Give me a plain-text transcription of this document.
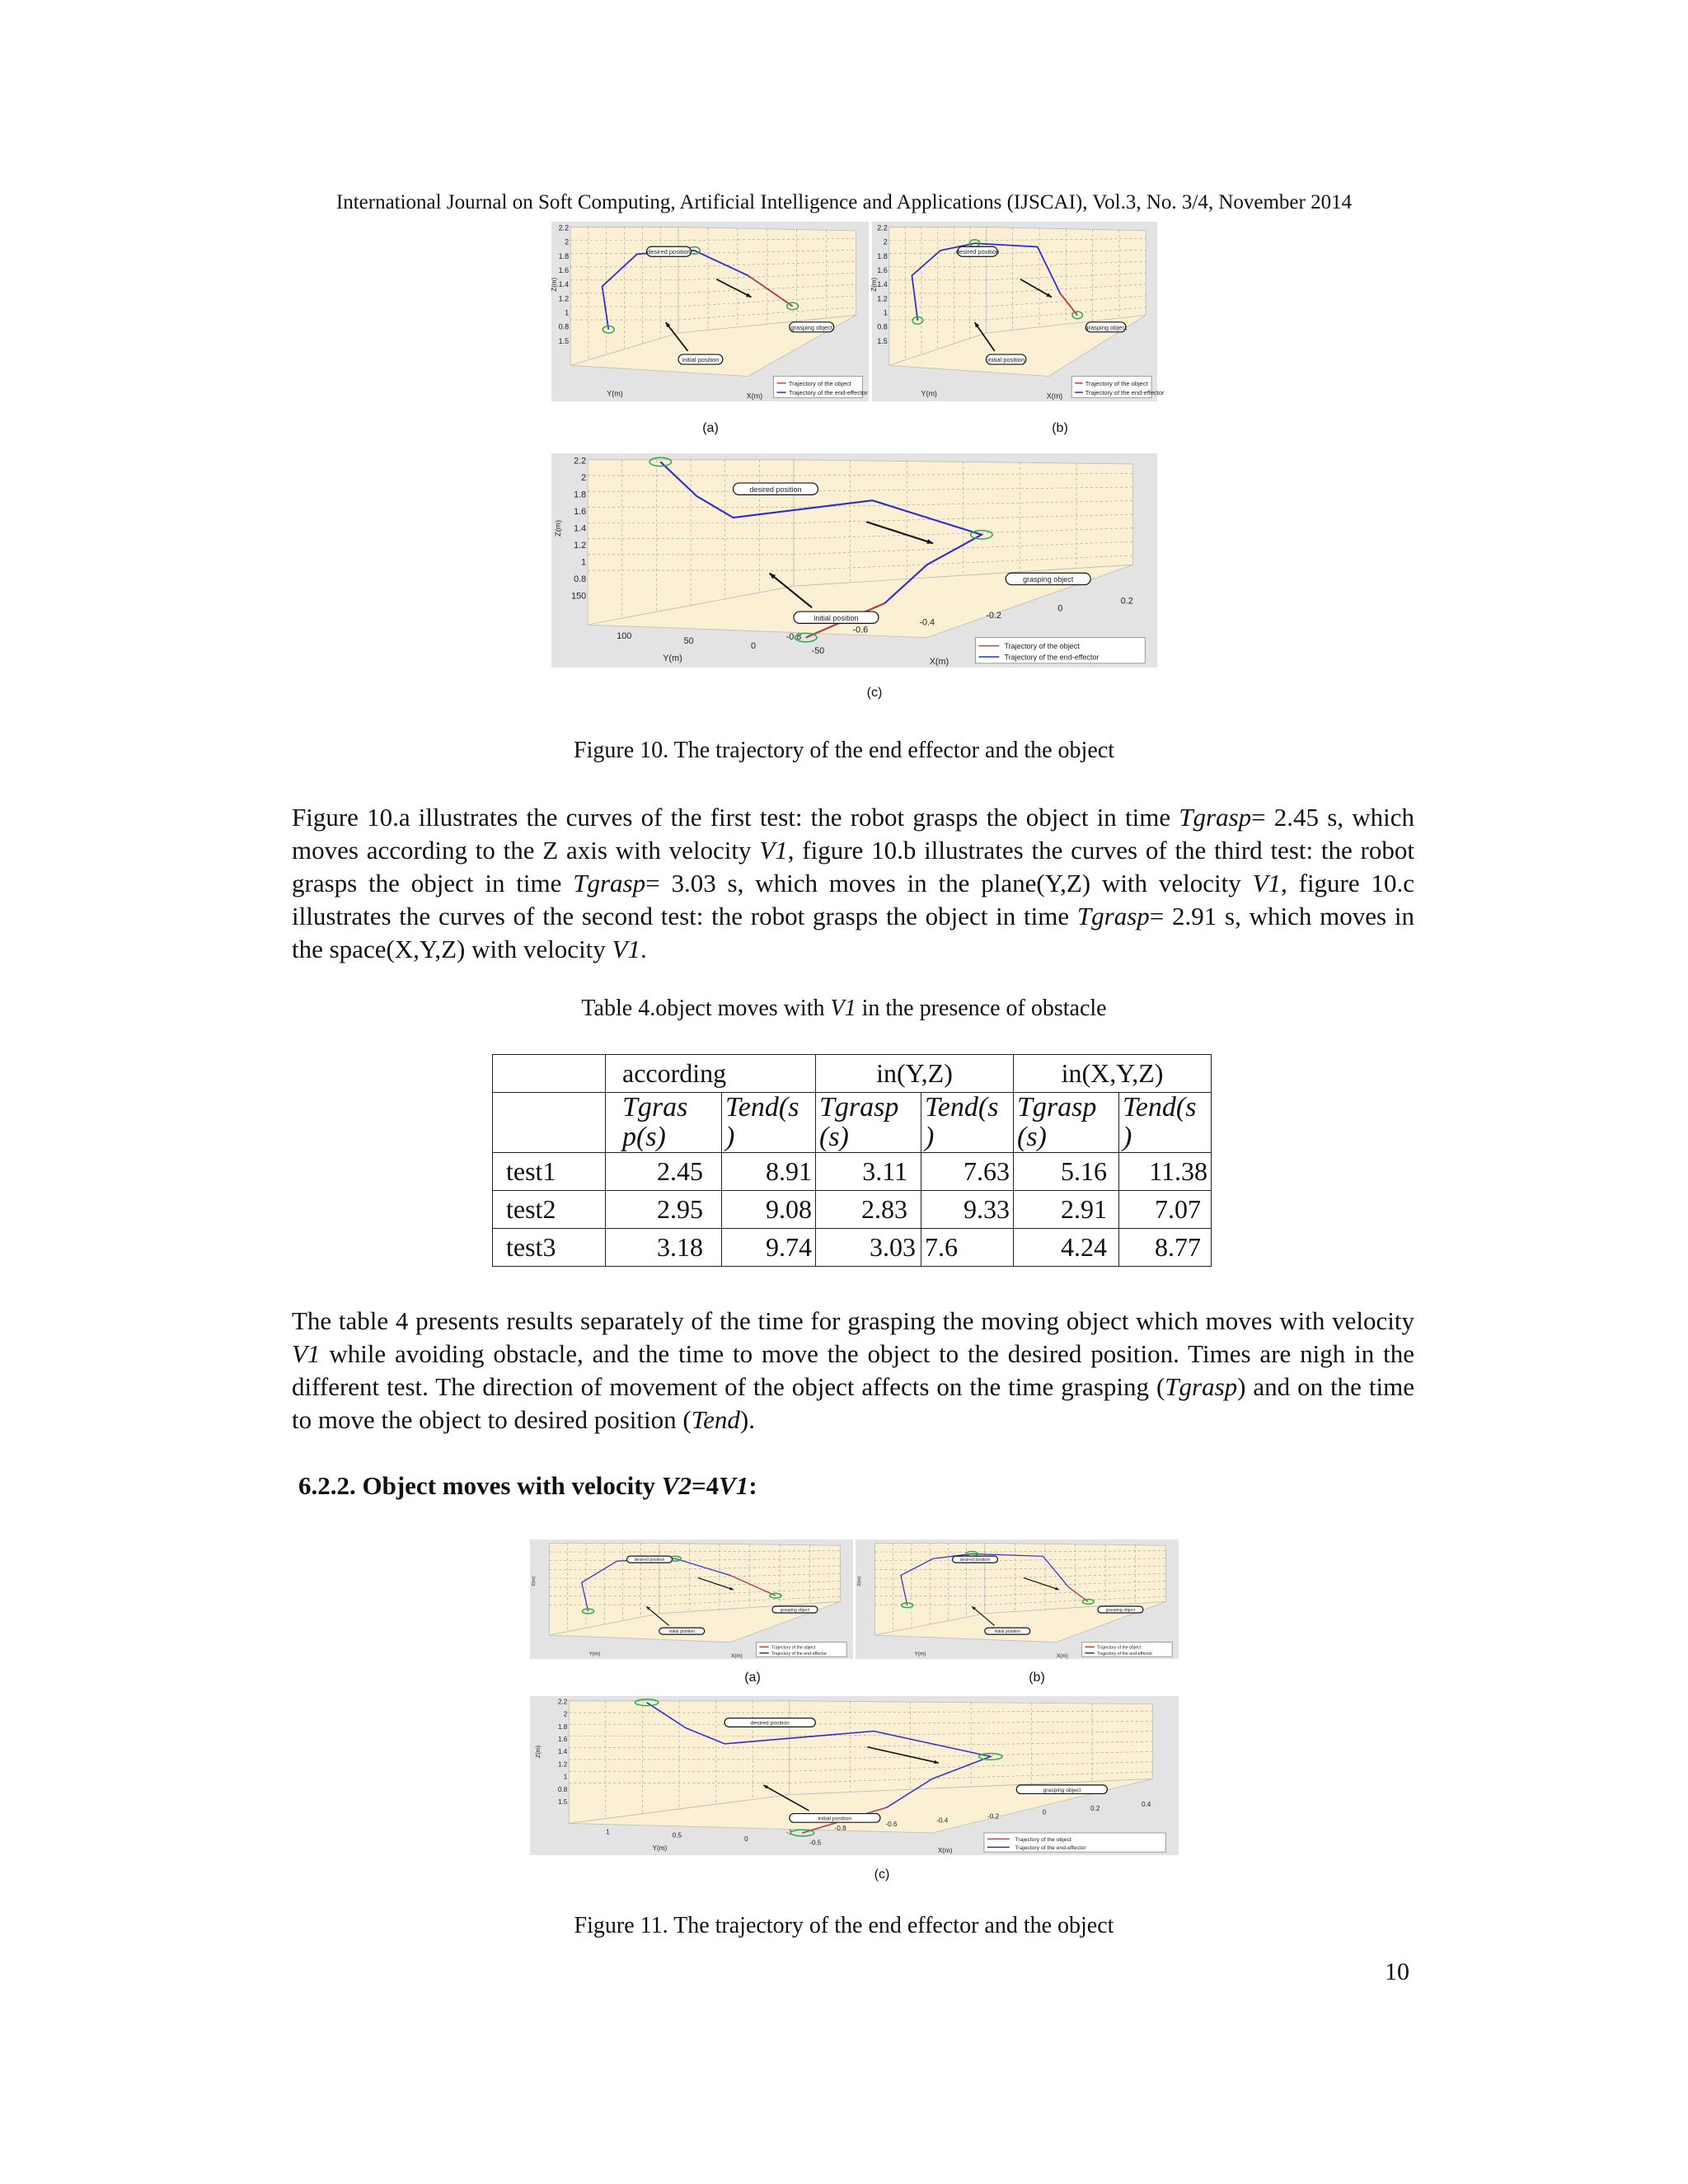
International Journal on Soft Computing, Artificial Intelligence and Applications (IJSCAI), Vol.3, No. 3/4, November 2014
2.2
2
1.8
1.6
1.4
1.2
1
0.8
1.5
Y(m)	X(m)
Z(m)
desired position
grasping object
initial position
Trajectory of the object
Trajectory of the end-effector
2.2
2
1.8
1.6
1.4
1.2
1
0.8
1.5
Y(m)	X(m)
Z(m)
desired position
grasping object
initial position
Trajectory of the object
Trajectory of the end-effector
(a)	(b)
2.2
2
1.8
1.6
1.4
1.2
1
0.8
150
100	50	0	-50
-0.8
-0.6
-0.4
-0.2
0
0.2
Y(m)	X(m)
Z(m)
desired position
grasping object
initial position
Trajectory of the object
Trajectory of the end-effector
(c)
Figure 10. The trajectory of the end effector and the object
Figure 10.a illustrates the curves of the first test: the robot grasps the object in time Tgrasp= 2.45 s, which moves according to the Z axis with velocity V1, figure 10.b illustrates the curves of the third test: the robot grasps the object in time Tgrasp= 3.03 s, which moves in the plane(Y,Z) with velocity V1, figure 10.c illustrates the curves of the second test: the robot grasps the object in time Tgrasp= 2.91 s, which moves in the space(X,Y,Z) with velocity V1.
Table 4.object moves with V1 in the presence of obstacle
	according		in(Y,Z)		in(X,Y,Z)	
	Tgras p(s)	Tend(s )	Tgrasp (s)	Tend(s )	Tgrasp (s)	Tend(s )
test1	2.45	8.91	3.11	7.63	5.16	11.38
test2	2.95	9.08	2.83	9.33	2.91	7.07
test3	3.18	9.74	3.03	7.6	4.24	8.77
The table 4 presents results separately of the time for grasping the moving object which moves with velocity V1 while avoiding obstacle, and the time to move the object to the desired position. Times are nigh in the different test. The direction of movement of the object affects on the time grasping (Tgrasp) and on the time to move the object to desired position (Tend).
6.2.2. Object moves with velocity V2=4V1:
Y(m)	X(m)
Z(m)
desired position
grasping object
initial position
Trajectory of the object
Trajectory of the end-effector	Y(m)	X(m)
Z(m)
desired position
grasping object
initial position
Trajectory of the object
Trajectory of the end-effector
(a)	(b)
2.2
2
1.8
1.6
1.4
1.2
1
0.8
1.5
1	0.5	0	-0.5
-1
-0.8
-0.6
-0.4
-0.2
0
0.2
0.4
Y(m)	X(m)
Z(m)
desired position
grasping object
initial position
Trajectory of the object
Trajectory of the end-effector
(c)
Figure 11. The trajectory of the end effector and the object
10
